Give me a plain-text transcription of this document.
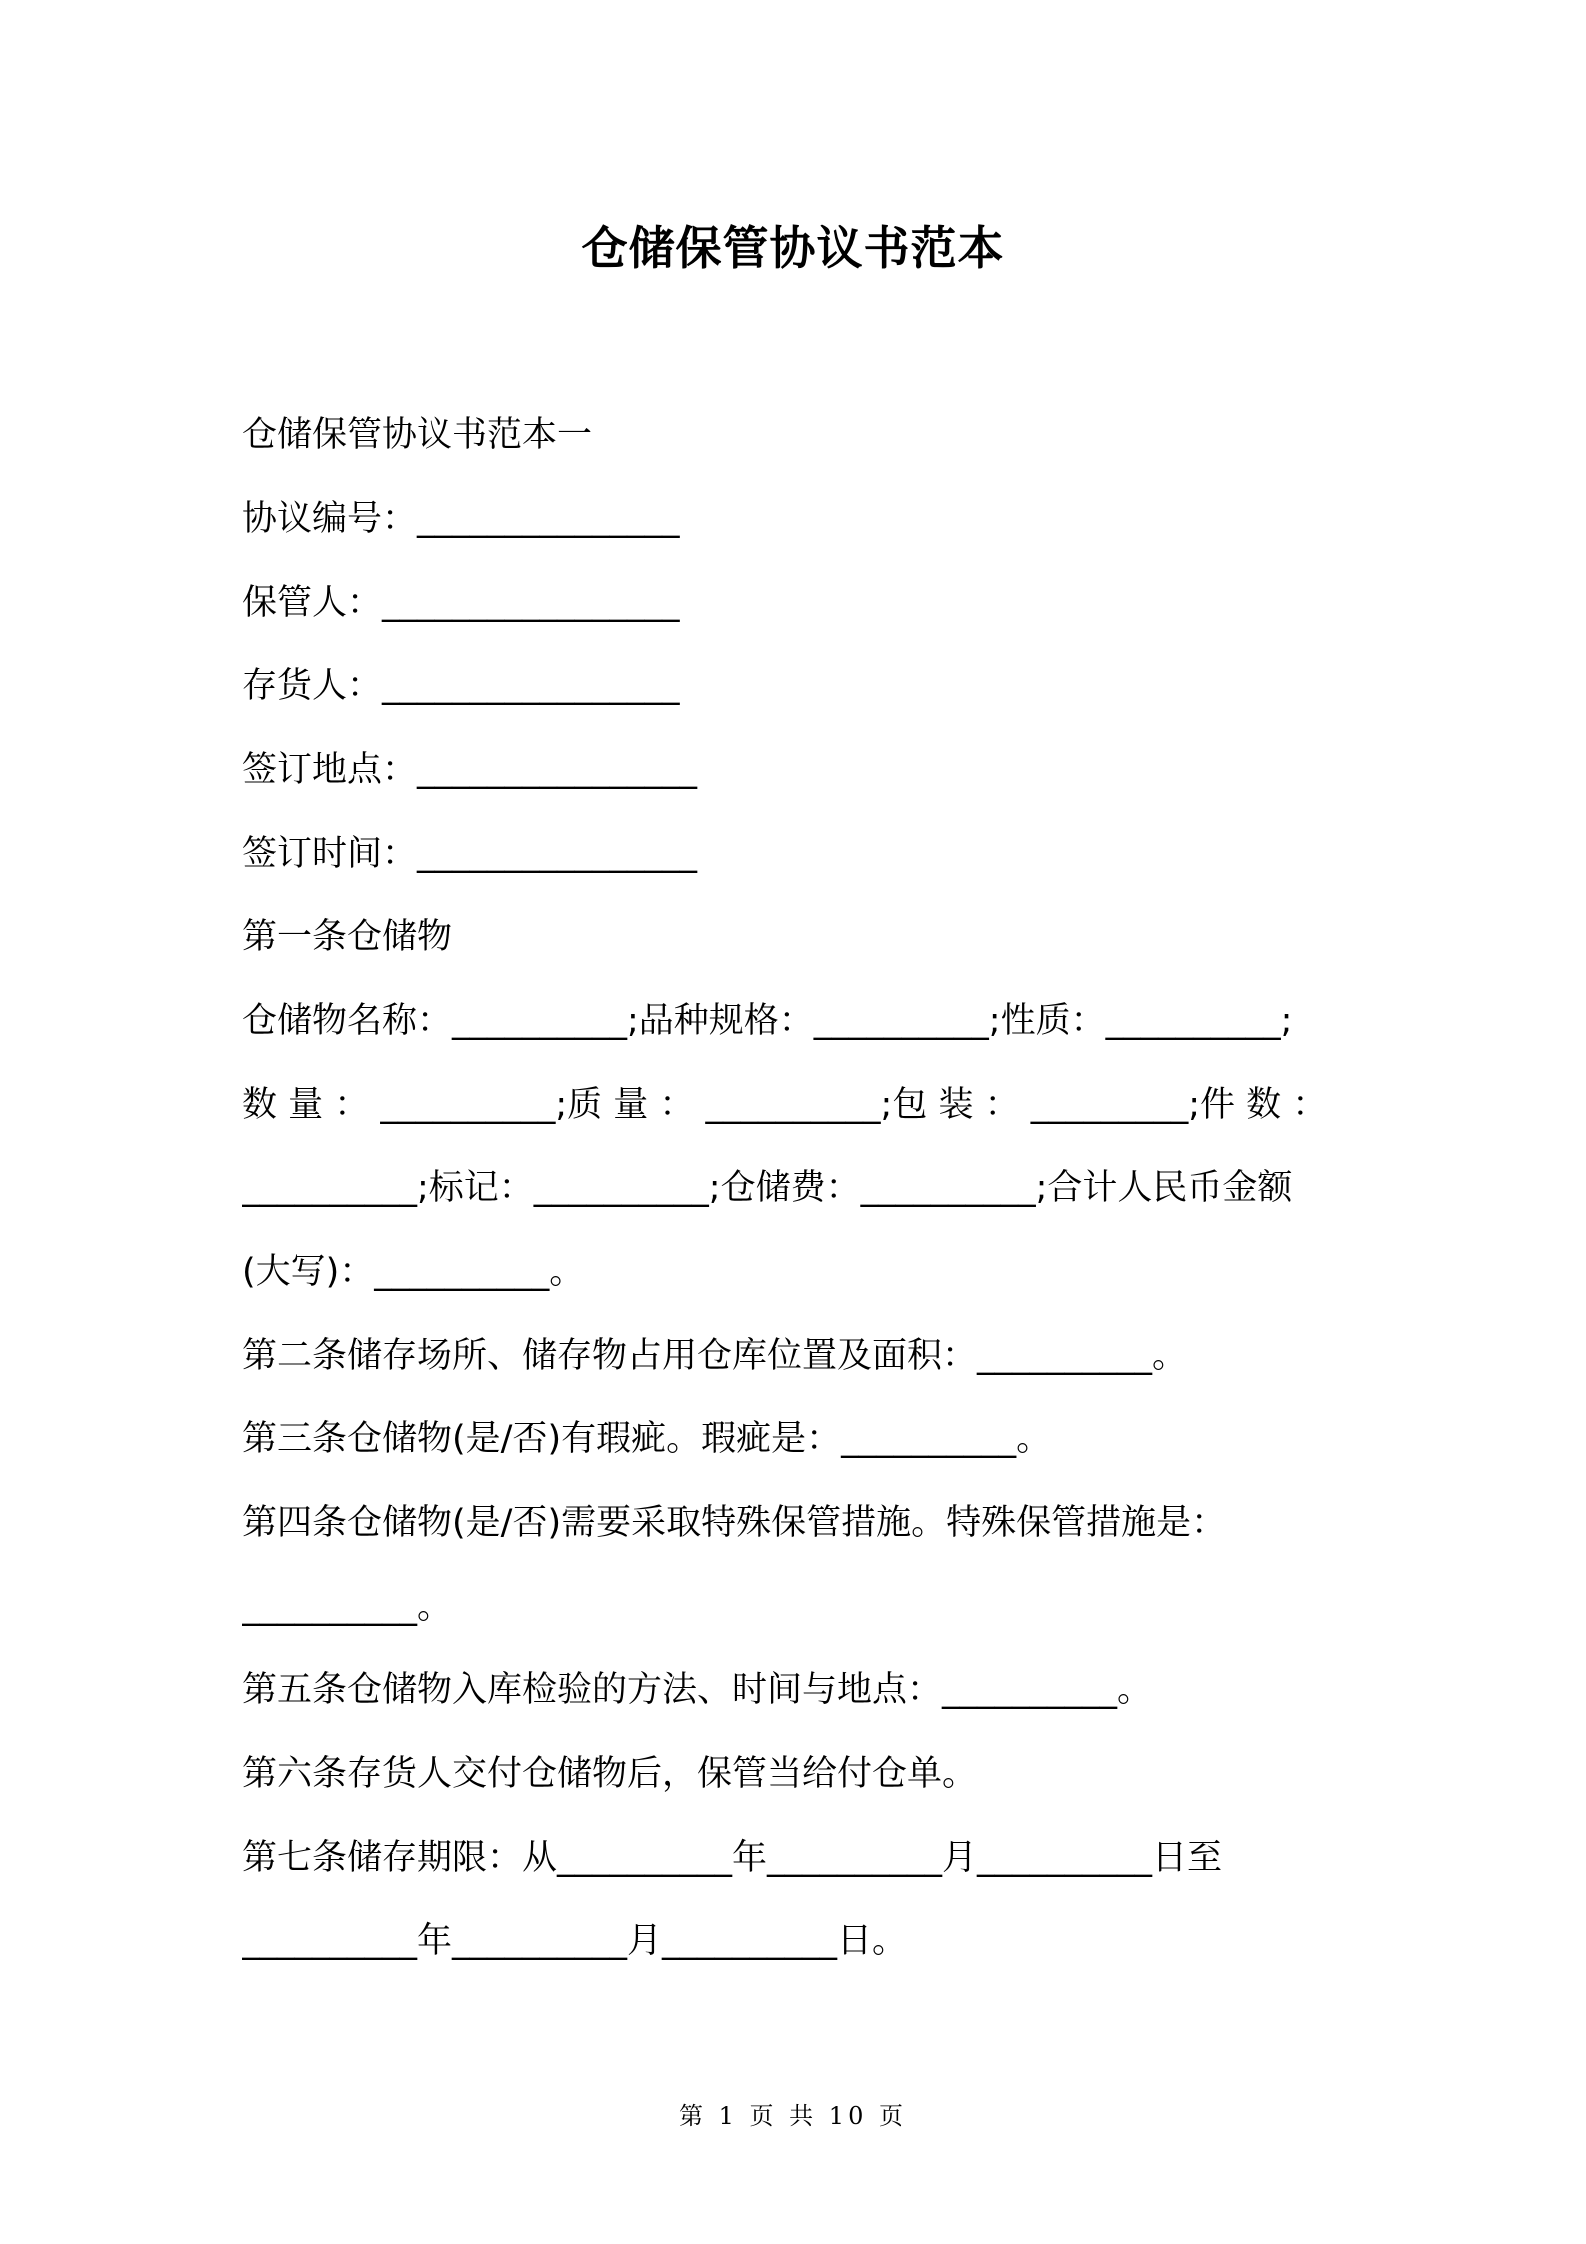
仓储保管协议书范本
仓储保管协议书范本一
协议编号：_______________
保管人：_________________
存货人：_________________
签订地点：________________
签订时间：________________
第一条仓储物
仓储物名称：__________;品种规格：__________;性质：__________;
数 量 ： __________;质 量 ： __________;包 装 ： _________;件 数 ：
__________;标记：__________;仓储费：__________;合计人民币金额
(大写)：__________。
第二条储存场所、储存物占用仓库位置及面积：__________。
第三条仓储物(是/否)有瑕疵。瑕疵是：__________。
第四条仓储物(是/否)需要采取特殊保管措施。特殊保管措施是：
__________。
第五条仓储物入库检验的方法、时间与地点：__________。
第六条存货人交付仓储物后，保管当给付仓单。
第七条储存期限：从__________年__________月__________日至
__________年__________月__________日。
第 1 页 共 10 页
